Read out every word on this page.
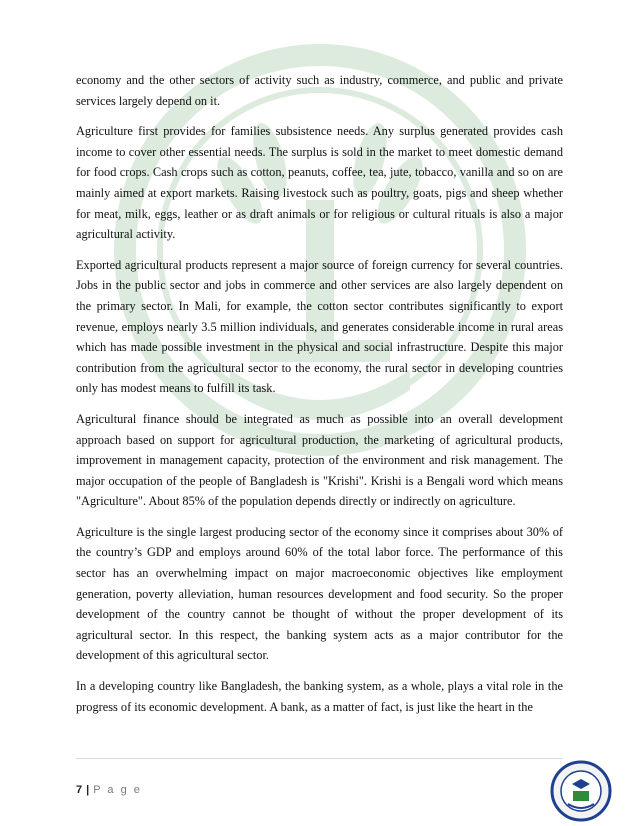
economy and the other sectors of activity such as industry, commerce, and public and private services largely depend on it.

Agriculture first provides for families subsistence needs. Any surplus generated provides cash income to cover other essential needs. The surplus is sold in the market to meet domestic demand for food crops. Cash crops such as cotton, peanuts, coffee, tea, jute, tobacco, vanilla and so on are mainly aimed at export markets. Raising livestock such as poultry, goats, pigs and sheep whether for meat, milk, eggs, leather or as draft animals or for religious or cultural rituals is also a major agricultural activity.

Exported agricultural products represent a major source of foreign currency for several countries. Jobs in the public sector and jobs in commerce and other services are also largely dependent on the primary sector. In Mali, for example, the cotton sector contributes significantly to export revenue, employs nearly 3.5 million individuals, and generates considerable income in rural areas which has made possible investment in the physical and social infrastructure. Despite this major contribution from the agricultural sector to the economy, the rural sector in developing countries only has modest means to fulfill its task.

Agricultural finance should be integrated as much as possible into an overall development approach based on support for agricultural production, the marketing of agricultural products, improvement in management capacity, protection of the environment and risk management. The major occupation of the people of Bangladesh is "Krishi". Krishi is a Bengali word which means "Agriculture". About 85% of the population depends directly or indirectly on agriculture.

Agriculture is the single largest producing sector of the economy since it comprises about 30% of the country’s GDP and employs around 60% of the total labor force. The performance of this sector has an overwhelming impact on major macroeconomic objectives like employment generation, poverty alleviation, human resources development and food security. So the proper development of the country cannot be thought of without the proper development of its agricultural sector. In this respect, the banking system acts as a major contributor for the development of this agricultural sector.

In a developing country like Bangladesh, the banking system, as a whole, plays a vital role in the progress of its economic development. A bank, as a matter of fact, is just like the heart in the

7 | P a g e
